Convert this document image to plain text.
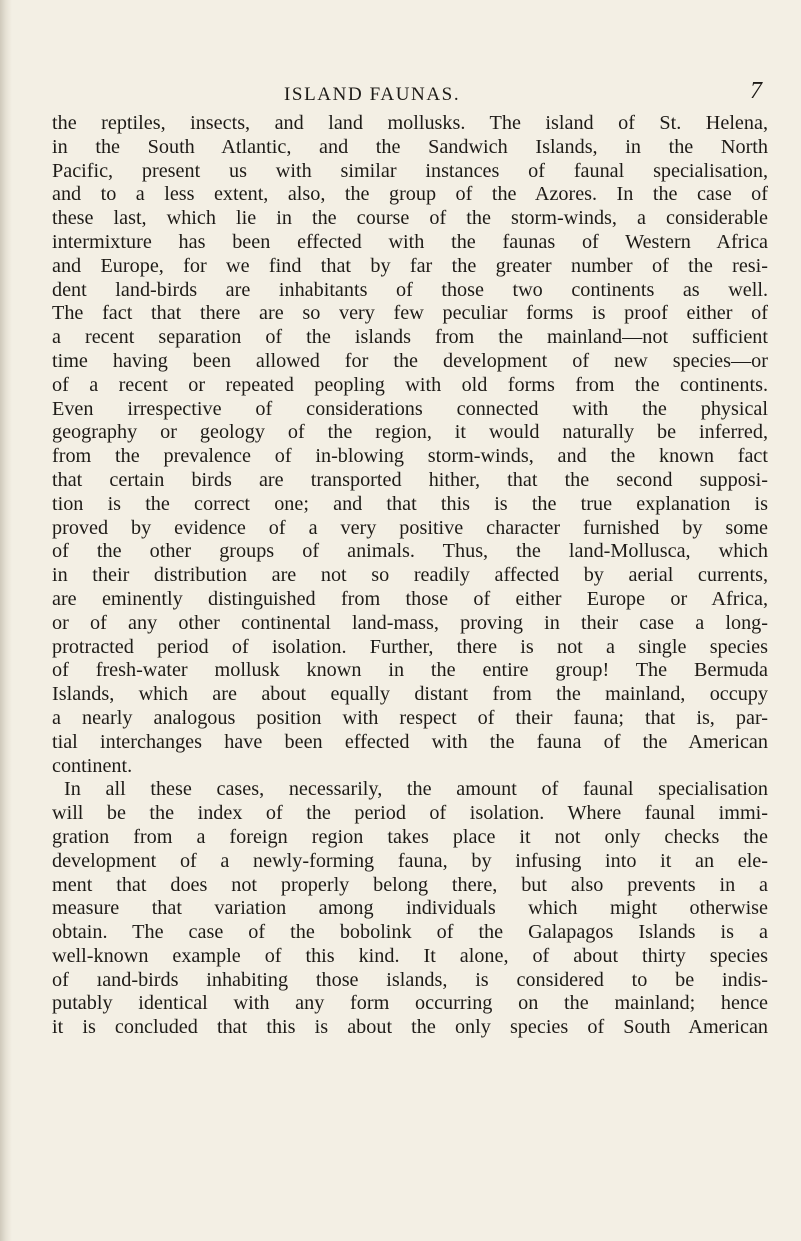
ISLAND FAUNAS.	7
the reptiles, insects, and land mollusks. The island of St. Helena,
in the South Atlantic, and the Sandwich Islands, in the North
Pacific, present us with similar instances of faunal specialisation,
and to a less extent, also, the group of the Azores. In the case of
these last, which lie in the course of the storm-winds, a considerable
intermixture has been effected with the faunas of Western Africa
and Europe, for we find that by far the greater number of the resi-
dent land-birds are inhabitants of those two continents as well.
The fact that there are so very few peculiar forms is proof either of
a recent separation of the islands from the mainland—not sufficient
time having been allowed for the development of new species—or
of a recent or repeated peopling with old forms from the continents.
Even irrespective of considerations connected with the physical
geography or geology of the region, it would naturally be inferred,
from the prevalence of in-blowing storm-winds, and the known fact
that certain birds are transported hither, that the second supposi-
tion is the correct one; and that this is the true explanation is
proved by evidence of a very positive character furnished by some
of the other groups of animals. Thus, the land-Mollusca, which
in their distribution are not so readily affected by aerial currents,
are eminently distinguished from those of either Europe or Africa,
or of any other continental land-mass, proving in their case a long-
protracted period of isolation. Further, there is not a single species
of fresh-water mollusk known in the entire group! The Bermuda
Islands, which are about equally distant from the mainland, occupy
a nearly analogous position with respect of their fauna; that is, par-
tial interchanges have been effected with the fauna of the American
continent.
In all these cases, necessarily, the amount of faunal specialisation
will be the index of the period of isolation. Where faunal immi-
gration from a foreign region takes place it not only checks the
development of a newly-forming fauna, by infusing into it an ele-
ment that does not properly belong there, but also prevents in a
measure that variation among individuals which might otherwise
obtain. The case of the bobolink of the Galapagos Islands is a
well-known example of this kind. It alone, of about thirty species
of ıand-birds inhabiting those islands, is considered to be indis-
putably identical with any form occurring on the mainland; hence
it is concluded that this is about the only species of South American
